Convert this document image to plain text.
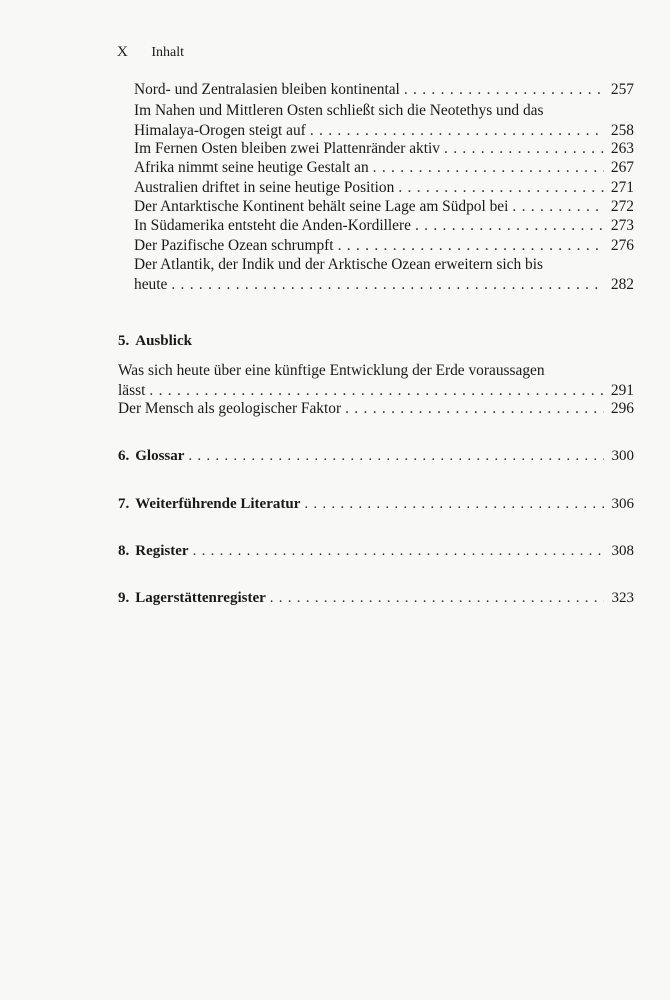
X Inhalt
Nord- und Zentralasien bleiben kontinental . . .	257
Im Nahen und Mittleren Osten schließt sich die Neotethys und das
Himalaya-Orogen steigt auf . . .	258
Im Fernen Osten bleiben zwei Plattenränder aktiv . . .	263
Afrika nimmt seine heutige Gestalt an . . .	267
Australien driftet in seine heutige Position . . .	271
Der Antarktische Kontinent behält seine Lage am Südpol bei . . .	272
In Südamerika entsteht die Anden-Kordillere . . .	273
Der Pazifische Ozean schrumpft . . .	276
Der Atlantik, der Indik und der Arktische Ozean erweitern sich bis
heute . . .	282
5. Ausblick
Was sich heute über eine künftige Entwicklung der Erde voraussagen
lässt . . .	291
Der Mensch als geologischer Faktor . . .	296
6. Glossar . . .	300
7. Weiterführende Literatur . . .	306
8. Register . . .	308
9. Lagerstättenregister . . .	323
